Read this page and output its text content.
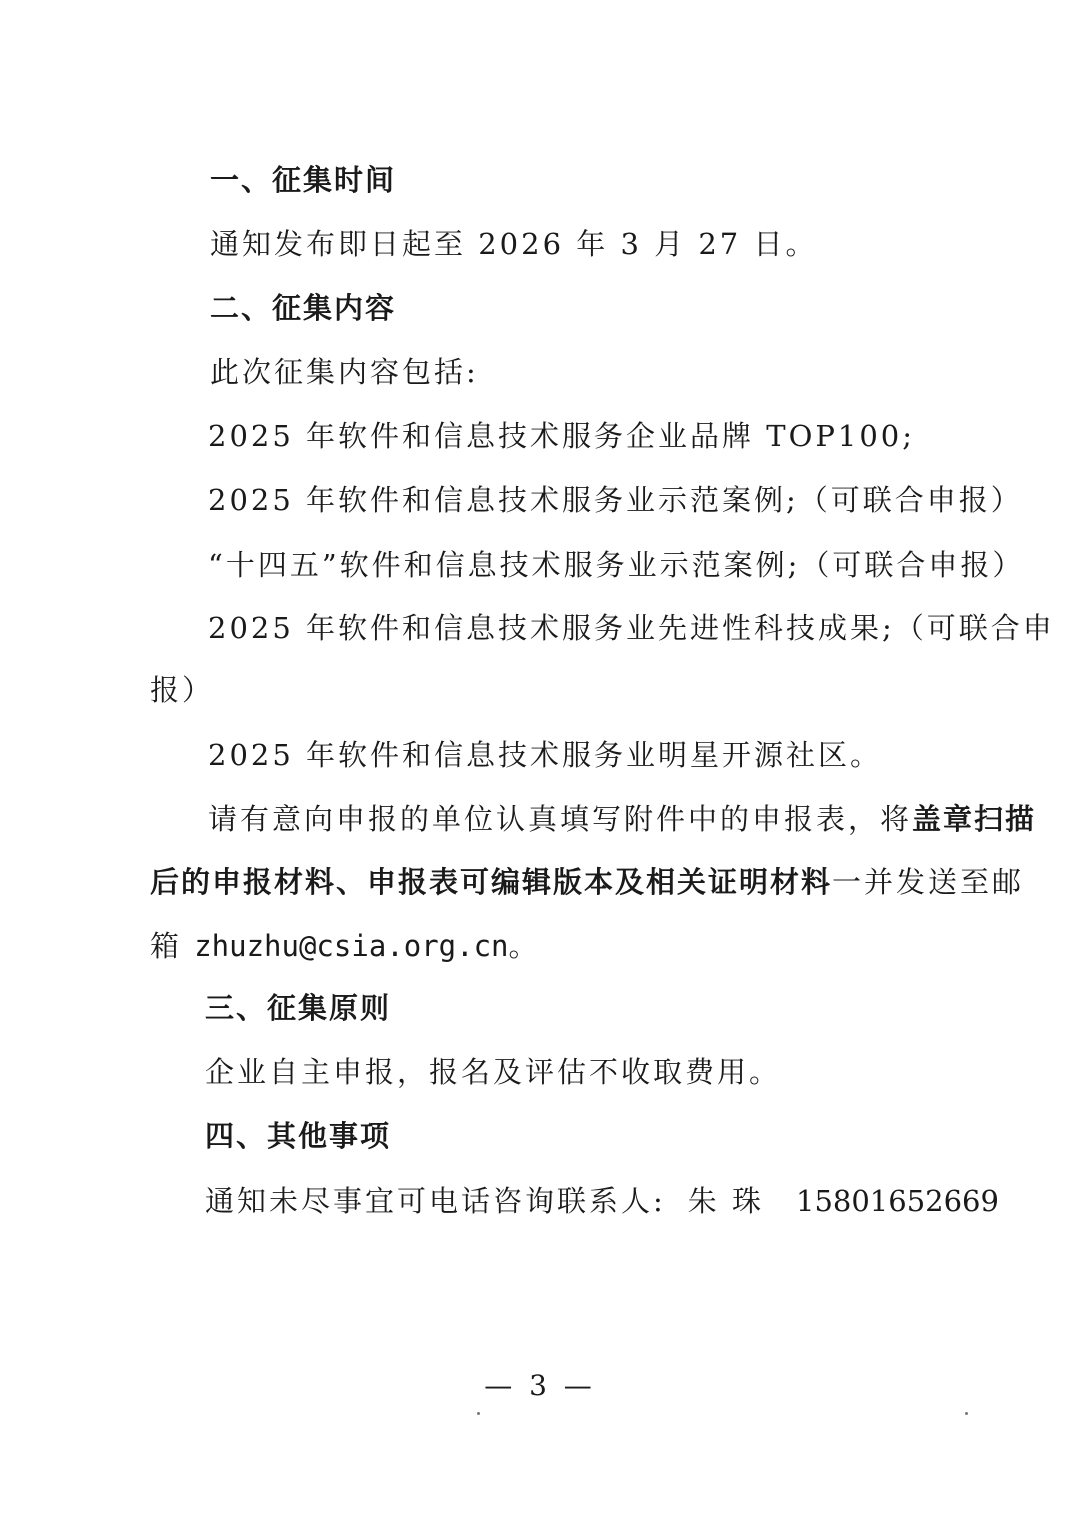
一、征集时间
通知发布即日起至 2026 年 3 月 27 日。
二、征集内容
此次征集内容包括:
2025 年软件和信息技术服务企业品牌 TOP100;
2025 年软件和信息技术服务业示范案例;（可联合申报）
“十四五”软件和信息技术服务业示范案例;（可联合申报）
2025 年软件和信息技术服务业先进性科技成果;（可联合申
报）
2025 年软件和信息技术服务业明星开源社区。
请有意向申报的单位认真填写附件中的申报表，将盖章扫描
后的申报材料、申报表可编辑版本及相关证明材料一并发送至邮
箱 zhuzhu@csia.org.cn。
三、征集原则
企业自主申报，报名及评估不收取费用。
四、其他事项
通知未尽事宜可电话咨询联系人: 朱 珠 15801652669
— 3 —
